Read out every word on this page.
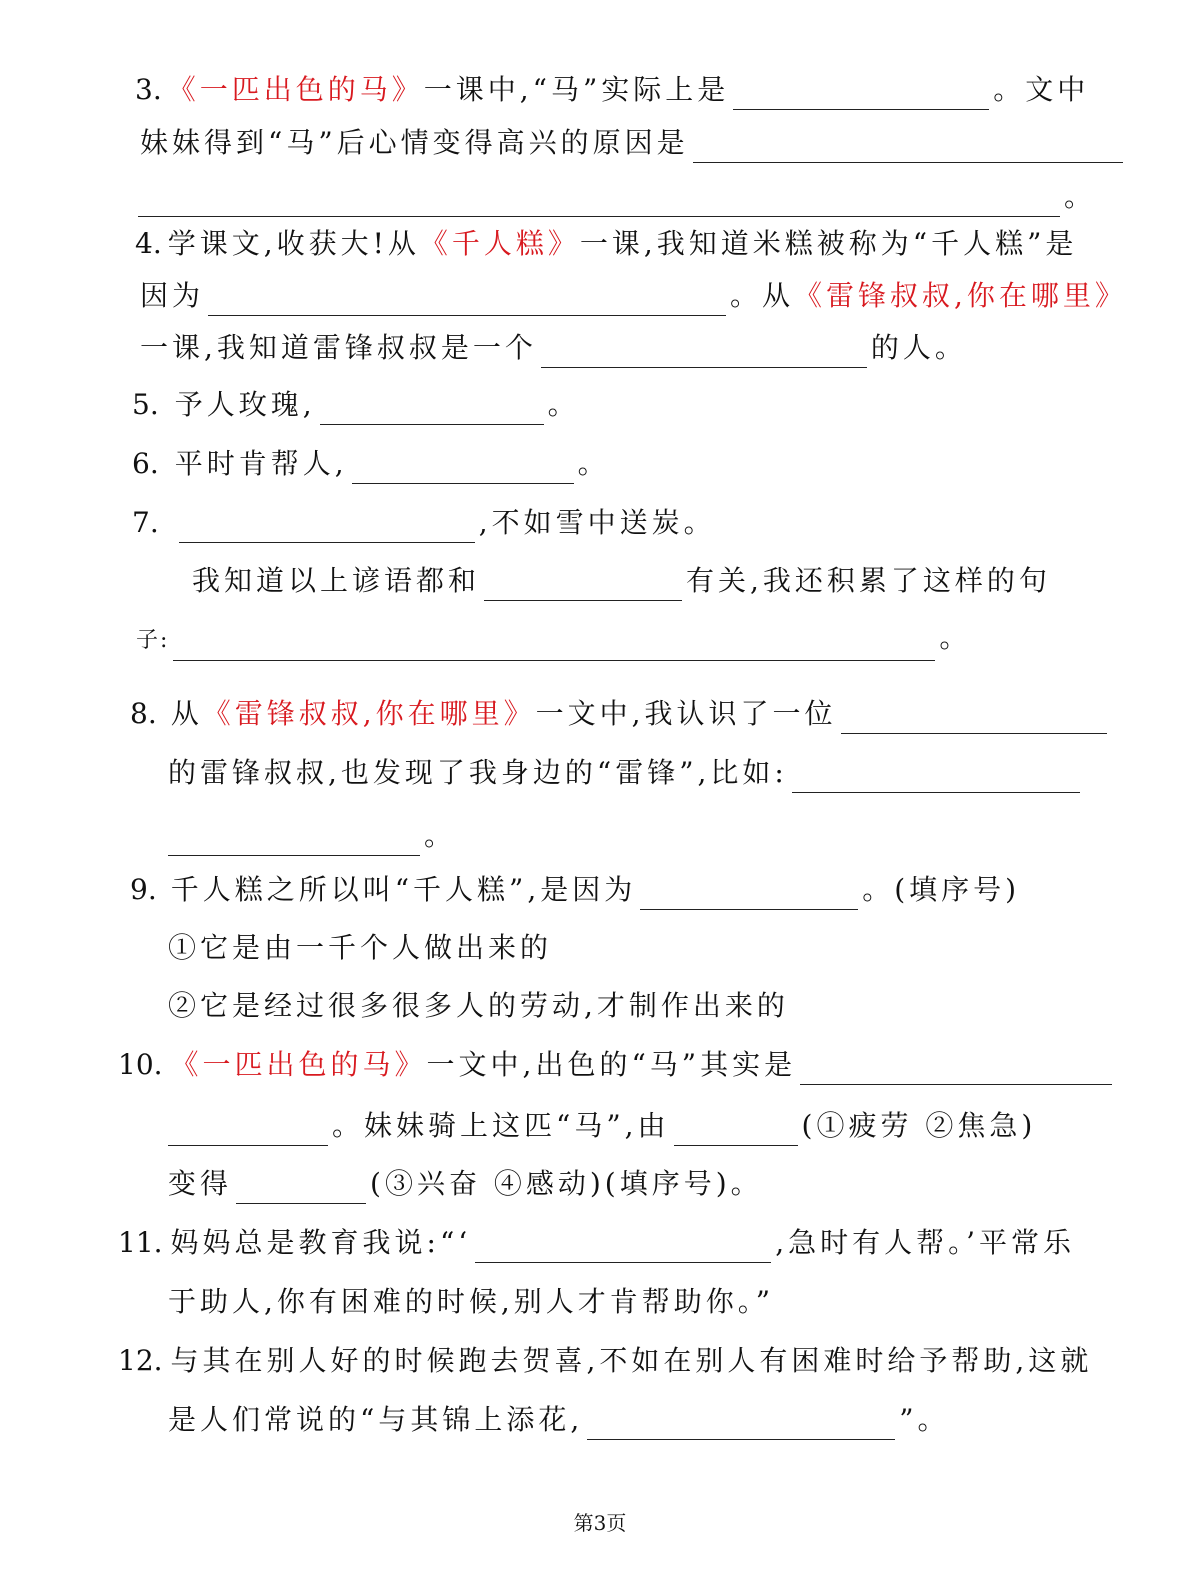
3. 《一匹出色的马》一课中,“马”实际上是	。文中
妹妹得到“马”后心情变得高兴的原因是
。
4. 学课文,收获大!从《千人糕》一课,我知道米糕被称为“千人糕”是
因为	。从《雷锋叔叔,你在哪里》
一课,我知道雷锋叔叔是一个	的人。
5. 予人玫瑰,	。
6. 平时肯帮人,	。
7.	,不如雪中送炭。
我知道以上谚语都和	有关,我还积累了这样的句
子:	。
8. 从《雷锋叔叔,你在哪里》一文中,我认识了一位
的雷锋叔叔,也发现了我身边的“雷锋”,比如:
。
9. 千人糕之所以叫“千人糕”,是因为	。(填序号)
①它是由一千个人做出来的
②它是经过很多很多人的劳动,才制作出来的
10. 《一匹出色的马》一文中,出色的“马”其实是
。妹妹骑上这匹“马”,由	(①疲劳 ②焦急)
变得	(③兴奋 ④感动)(填序号)。
11. 妈妈总是教育我说:“‘	,急时有人帮。’平常乐
于助人,你有困难的时候,别人才肯帮助你。”
12. 与其在别人好的时候跑去贺喜,不如在别人有困难时给予帮助,这就
是人们常说的“与其锦上添花,	”。
第3页
